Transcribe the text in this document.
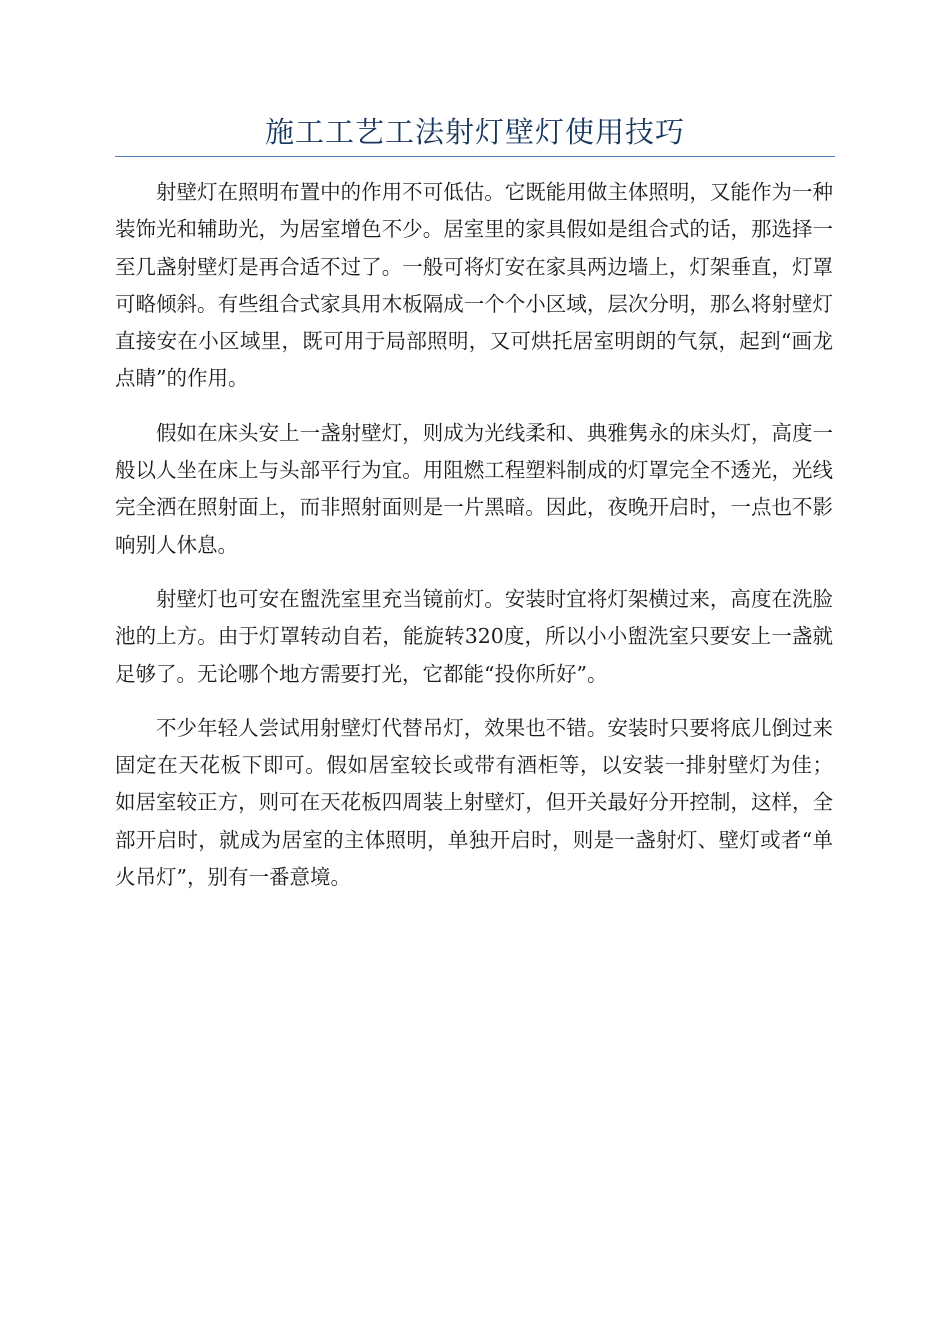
施工工艺工法射灯壁灯使用技巧

射壁灯在照明布置中的作用不可低估。它既能用做主体照明，又能作为一种装饰光和辅助光，为居室增色不少。居室里的家具假如是组合式的话，那选择一至几盏射壁灯是再合适不过了。一般可将灯安在家具两边墙上，灯架垂直，灯罩可略倾斜。有些组合式家具用木板隔成一个个小区域，层次分明，那么将射壁灯直接安在小区域里，既可用于局部照明，又可烘托居室明朗的气氛，起到“画龙点睛”的作用。

假如在床头安上一盏射壁灯，则成为光线柔和、典雅隽永的床头灯，高度一般以人坐在床上与头部平行为宜。用阻燃工程塑料制成的灯罩完全不透光，光线完全洒在照射面上，而非照射面则是一片黑暗。因此，夜晚开启时，一点也不影响别人休息。

射壁灯也可安在盥洗室里充当镜前灯。安装时宜将灯架横过来，高度在洗脸池的上方。由于灯罩转动自若，能旋转320度，所以小小盥洗室只要安上一盏就足够了。无论哪个地方需要打光，它都能“投你所好”。

不少年轻人尝试用射壁灯代替吊灯，效果也不错。安装时只要将底儿倒过来固定在天花板下即可。假如居室较长或带有酒柜等，以安装一排射壁灯为佳； 如居室较正方，则可在天花板四周装上射壁灯，但开关最好分开控制，这样，全部开启时，就成为居室的主体照明，单独开启时，则是一盏射灯、壁灯或者“单火吊灯”，别有一番意境。
